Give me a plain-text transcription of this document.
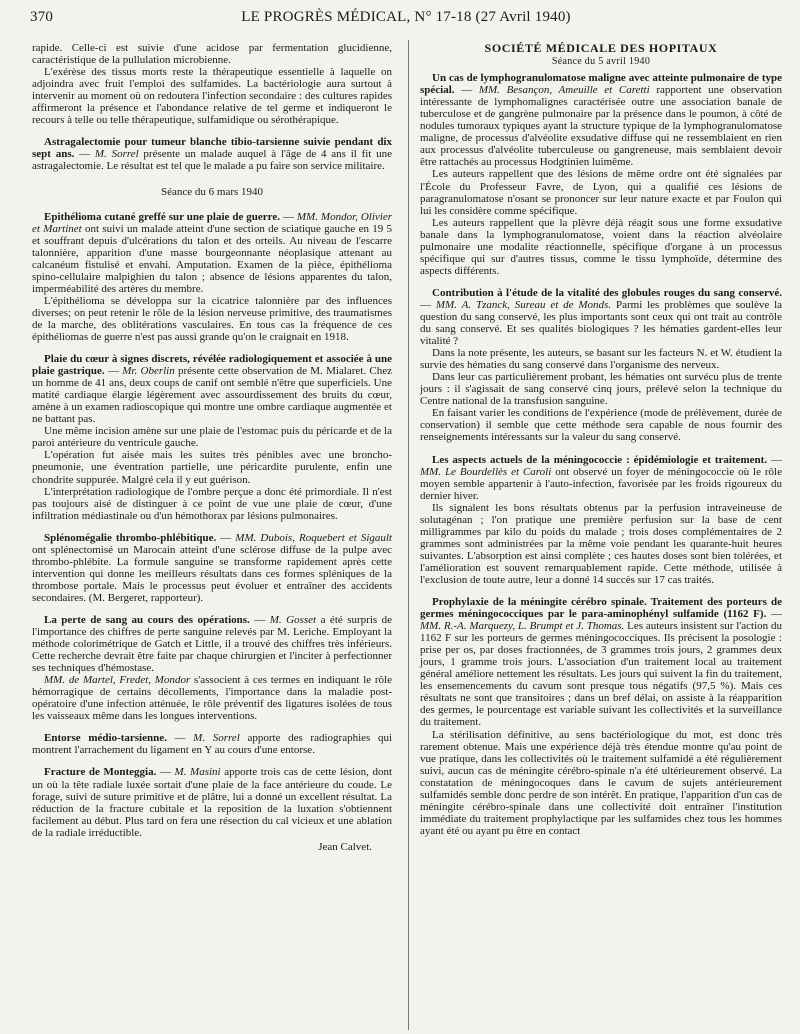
370	LE PROGRÈS MÉDICAL, N° 17-18 (27 Avril 1940)

rapide. Celle-ci est suivie d'une acidose par fermentation glucidienne, caractéristique de la pullulation microbienne.

L'exérèse des tissus morts reste la thérapeutique essentielle à laquelle on adjoindra avec fruit l'emploi des sulfamides. La bactériologie aura surtout à intervenir au moment où on redoutera l'infection secondaire : des cultures rapides affirmeront la présence et l'abondance relative de tel germe et indiqueront le recours à telle ou telle thérapeutique, sulfamidique ou sérothérapique.

Astragalectomie pour tumeur blanche tibio-tarsienne suivie pendant dix sept ans. — M. Sorrel présente un malade auquel à l'âge de 4 ans il fit une astragalectomie. Le résultat est tel que le malade a pu faire son service militaire.

Séance du 6 mars 1940

Epithélioma cutané greffé sur une plaie de guerre. — MM. Mondor, Olivier et Martinet ont suivi un malade atteint d'une section de sciatique gauche en 19 5 et souffrant depuis d'ulcérations du talon et des orteils. Au niveau de l'escarre talonnière, apparition d'une masse bourgeonnante néoplasique attenant au calcanéum fistulisé et envahi. Amputation. Examen de la pièce, épithélioma spino-cellulaire malpighien du talon ; absence de lésions apparentes du talon, imperméabilité des artères du membre.

L'épithélioma se développa sur la cicatrice talonnière par des influences diverses; on peut retenir le rôle de la lésion nerveuse primitive, des traumatismes de la marche, des oblitérations vasculaires. En tous cas la fréquence de ces épithéliomas de guerre n'est pas aussi grande qu'on le craignait en 1918.

Plaie du cœur à signes discrets, révélée radiologiquement et associée à une plaie gastrique. — Mr. Oberlin présente cette observation de M. Mialaret. Chez un homme de 41 ans, deux coups de canif ont semblé n'être que superficiels. Une matité cardiaque élargie légèrement avec assourdissement des bruits du cœur, amène à un examen radioscopique qui montre une ombre cardiaque augmentée et ne battant pas.

Une même incision amène sur une plaie de l'estomac puis du péricarde et de la paroi antérieure du ventricule gauche.

L'opération fut aisée mais les suites très pénibles avec une broncho-pneumonie, une éventration partielle, une péricardite purulente, enfin une chondrite suppurée. Malgré cela il y eut guérison.

L'interprétation radiologique de l'ombre perçue a donc été primordiale. Il n'est pas toujours aisé de distinguer à ce point de vue une plaie de cœur, d'une infiltration médiastinale ou d'un hémothorax par lésions pulmonaires.

Splénomégalie thrombo-phlébitique. — MM. Dubois, Roquebert et Sigault ont splénectomisé un Marocain atteint d'une sclérose diffuse de la pulpe avec thrombo-phlébite. La formule sanguine se transforme rapidement après cette intervention qui donne les meilleurs résultats dans ces formes spléniques de la thrombose portale. Mais le processus peut évoluer et entraîner des accidents secondaires. (M. Bergeret, rapporteur).

La perte de sang au cours des opérations. — M. Gosset a été surpris de l'importance des chiffres de perte sanguine relevés par M. Leriche. Employant la méthode colorimétrique de Gatch et Little, il a trouvé des chiffres très inférieurs. Cette recherche devrait être faite par chaque chirurgien et l'inciter à perfectionner ses techniques d'hémostase.

MM. de Martel, Fredet, Mondor s'associent à ces termes en indiquant le rôle hémorragique de certains décollements, l'importance dans la maladie post-opératoire d'une infection atténuée, le rôle préventif des ligatures isolées de tous les vaisseaux même dans les longues interventions.

Entorse médio-tarsienne. — M. Sorrel apporte des radiographies qui montrent l'arrachement du ligament en Y au cours d'une entorse.

Fracture de Monteggia. — M. Masini apporte trois cas de cette lésion, dont un où la tête radiale luxée sortait d'une plaie de la face antérieure du coude. Le forage, suivi de suture primitive et de plâtre, lui a donné un excellent résultat. La réduction de la fracture cubitale et la reposition de la luxation s'obtiennent facilement au début. Plus tard on fera une résection du cal vicieux et une ablation de la radiale irréductible.

Jean Calvet.

SOCIÉTÉ MÉDICALE DES HOPITAUX

Séance du 5 avril 1940

Un cas de lymphogranulomatose maligne avec atteinte pulmonaire de type spécial. — MM. Besançon, Ameuille et Caretti rapportent une observation intéressante de lymphomalignes caractérisée outre une association banale de tuberculose et de gangrène pulmonaire par la présence dans le poumon, à côté de nodules tumoraux typiques ayant la structure typique de la lymphogranulomatose maligne, de processus d'alvéolite exsudative diffuse qui ne ressemblaient en rien aux processus d'alvéolite tuberculeuse ou gangreneuse, mais semblaient devoir être rattachés au processus Hodgtinien luimême.

Les auteurs rappellent que des lésions de même ordre ont été signalées par l'École du Professeur Favre, de Lyon, qui a qualifié ces lésions de paragranulomatose n'osant se prononcer sur leur nature exacte et par Foulon qui lui les considère comme spécifique.

Les auteurs rappellent que la plèvre déjà réagit sous une forme exsudative banale dans la lymphogranulomatose, voient dans la réaction alvéolaire pulmonaire une modalite réactionnelle, spécifique d'organe à un processus spécifique qui sur d'autres tissus, comme le tissu lymphoïde, détermine des aspects différents.

Contribution à l'étude de la vitalité des globules rouges du sang conservé. — MM. A. Tzanck, Sureau et de Monds. Parmi les problèmes que soulève la question du sang conservé, les plus importants sont ceux qui ont trait au contrôle du sang conservé. Et ses qualités biologiques ? les hématies gardent-elles leur vitalité ?

Dans la note présente, les auteurs, se basant sur les facteurs N. et W. étudient la survie des hématies du sang conservé dans l'organisme des nerveux.

Dans leur cas particulièrement probant, les hématies ont survécu plus de trente jours : il s'agissait de sang conservé cinq jours, prélevé selon la technique du Centre national de la transfusion sanguine.

En faisant varier les conditions de l'expérience (mode de prélèvement, durée de conservation) il semble que cette méthode sera capable de nous fournir des renseignements intéressants sur la valeur du sang conservé.

Les aspects actuels de la méningococcie : épidémiologie et traitement. — MM. Le Bourdellès et Caroli ont observé un foyer de méningococcie où le rôle moyen semble appartenir à l'auto-infection, favorisée par les froids rigoureux du dernier hiver.

Ils signalent les bons résultats obtenus par la perfusion intraveineuse de solutagénan ; l'on pratique une première perfusion sur la base de cent milligrammes par kilo du poids du malade ; trois doses complémentaires de 2 grammes sont administrées par la même voie pendant les quarante-huit heures suivantes. L'absorption est ainsi complète ; ces hautes doses sont bien tolérées, et l'amélioration est souvent remarquablement rapide. Cette méthode, utilisée à l'exclusion de toute autre, leur a donné 14 succès sur 17 cas traités.

Prophylaxie de la méningite cérébro spinale. Traitement des porteurs de germes méningococciques par le para-aminophényl sulfamide (1162 F). — MM. R.-A. Marquezy, L. Brumpt et J. Thomas. Les auteurs insistent sur l'action du 1162 F sur les porteurs de germes méningococciques. Ils précisent la posologie : prise per os, par doses fractionnées, de 3 grammes trois jours, 2 grammes deux jours, 1 gramme trois jours. L'association d'un traitement local au traitement général améliore nettement les résultats. Les jours qui suivent la fin du traitement, les ensemencements du cavum sont presque tous négatifs (97,5 %). Mais ces résultats ne sont que transitoires ; dans un bref délai, on assiste à la réapparition des germes, le pourcentage est variable suivant les collectivités et la surveillance du traitement.

La stérilisation définitive, au sens bactériologique du mot, est donc très rarement obtenue. Mais une expérience déjà très étendue montre qu'au point de vue pratique, dans les collectivités où le traitement sulfamidé a été régulièrement suivi, aucun cas de méningite cérébro-spinale n'a été ultérieurement observé. La constatation de méningocoques dans le cavum de sujets antérieurement sulfamidés semble donc perdre de son intérêt. En pratique, l'apparition d'un cas de méningite cérébro-spinale dans une collectivité doit entraîner l'institution immédiate du traitement prophylactique par les sulfamides chez tous les hommes ayant été ou ayant pu être en contact
